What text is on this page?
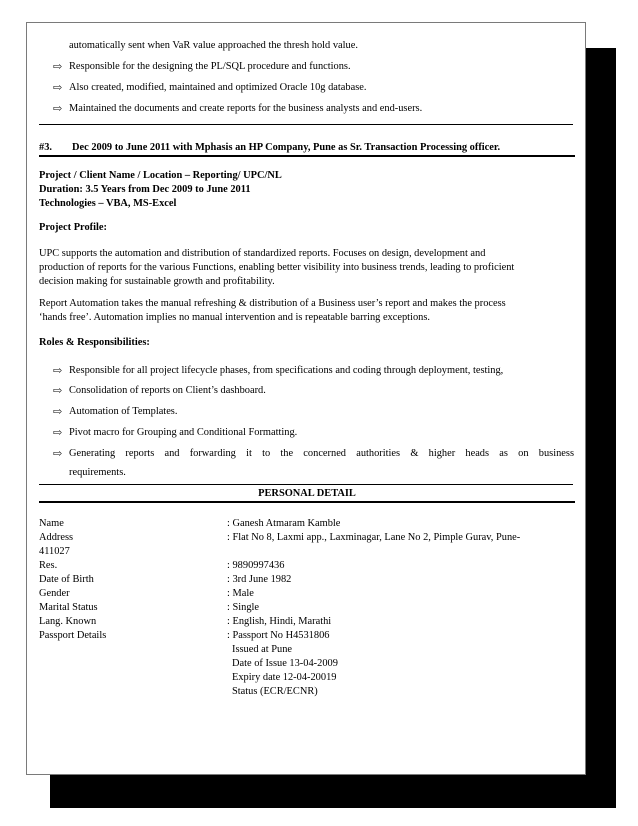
automatically sent when VaR value approached the thresh hold value.
⇨ Responsible for the designing the PL/SQL procedure and functions.
⇨ Also created, modified, maintained and optimized Oracle 10g database.
⇨ Maintained the documents and create reports for the business analysts and end-users.
#3. Dec 2009 to June 2011 with Mphasis an HP Company, Pune as Sr. Transaction Processing officer.
Project / Client Name / Location – Reporting/ UPC/NL
Duration: 3.5 Years from Dec 2009 to June 2011
Technologies – VBA, MS-Excel
Project Profile:
UPC supports the automation and distribution of standardized reports. Focuses on design, development and
production of reports for the various Functions, enabling better visibility into business trends, leading to proficient
decision making for sustainable growth and profitability.
Report Automation takes the manual refreshing & distribution of a Business user’s report and makes the process
‘hands free’. Automation implies no manual intervention and is repeatable barring exceptions.
Roles & Responsibilities:
⇨ Responsible for all project lifecycle phases, from specifications and coding through deployment, testing,
⇨ Consolidation of reports on Client’s dashboard.
⇨ Automation of Templates.
⇨ Pivot macro for Grouping and Conditional Formatting.
⇨ Generating reports and forwarding it to the concerned authorities & higher heads as on business
requirements.
PERSONAL DETAIL
Name	: Ganesh Atmaram Kamble
Address	: Flat No 8, Laxmi app., Laxminagar, Lane No 2, Pimple Gurav, Pune-
411027
Res.	: 9890997436
Date of Birth	: 3rd June 1982
Gender	: Male
Marital Status	: Single
Lang. Known	: English, Hindi, Marathi
Passport Details	: Passport No H4531806
Issued at Pune
Date of Issue 13-04-2009
Expiry date 12-04-20019
Status (ECR/ECNR)
